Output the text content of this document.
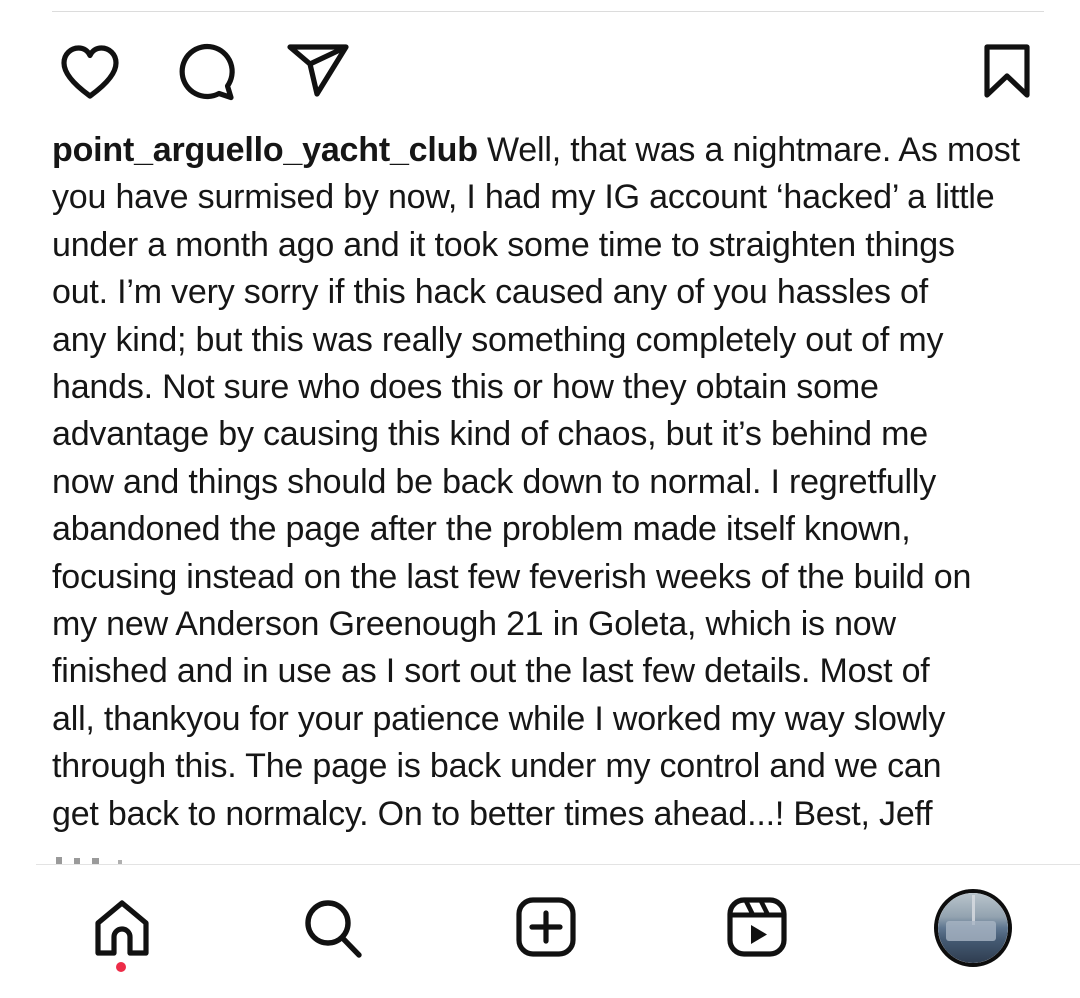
point_arguello_yacht_club Well, that was a nightmare. As most
you have surmised by now, I had my IG account ‘hacked’ a little
under a month ago and it took some time to straighten things
out. I’m very sorry if this hack caused any of you hassles of
any kind; but this was really something completely out of my
hands. Not sure who does this or how they obtain some
advantage by causing this kind of chaos, but it’s behind me
now and things should be back down to normal. I regretfully
abandoned the page after the problem made itself known,
focusing instead on the last few feverish weeks of the build on
my new Anderson Greenough 21 in Goleta, which is now
finished and in use as I sort out the last few details. Most of
all, thankyou for your patience while I worked my way slowly
through this. The page is back under my control and we can
get back to normalcy. On to better times ahead...! Best, Jeff
